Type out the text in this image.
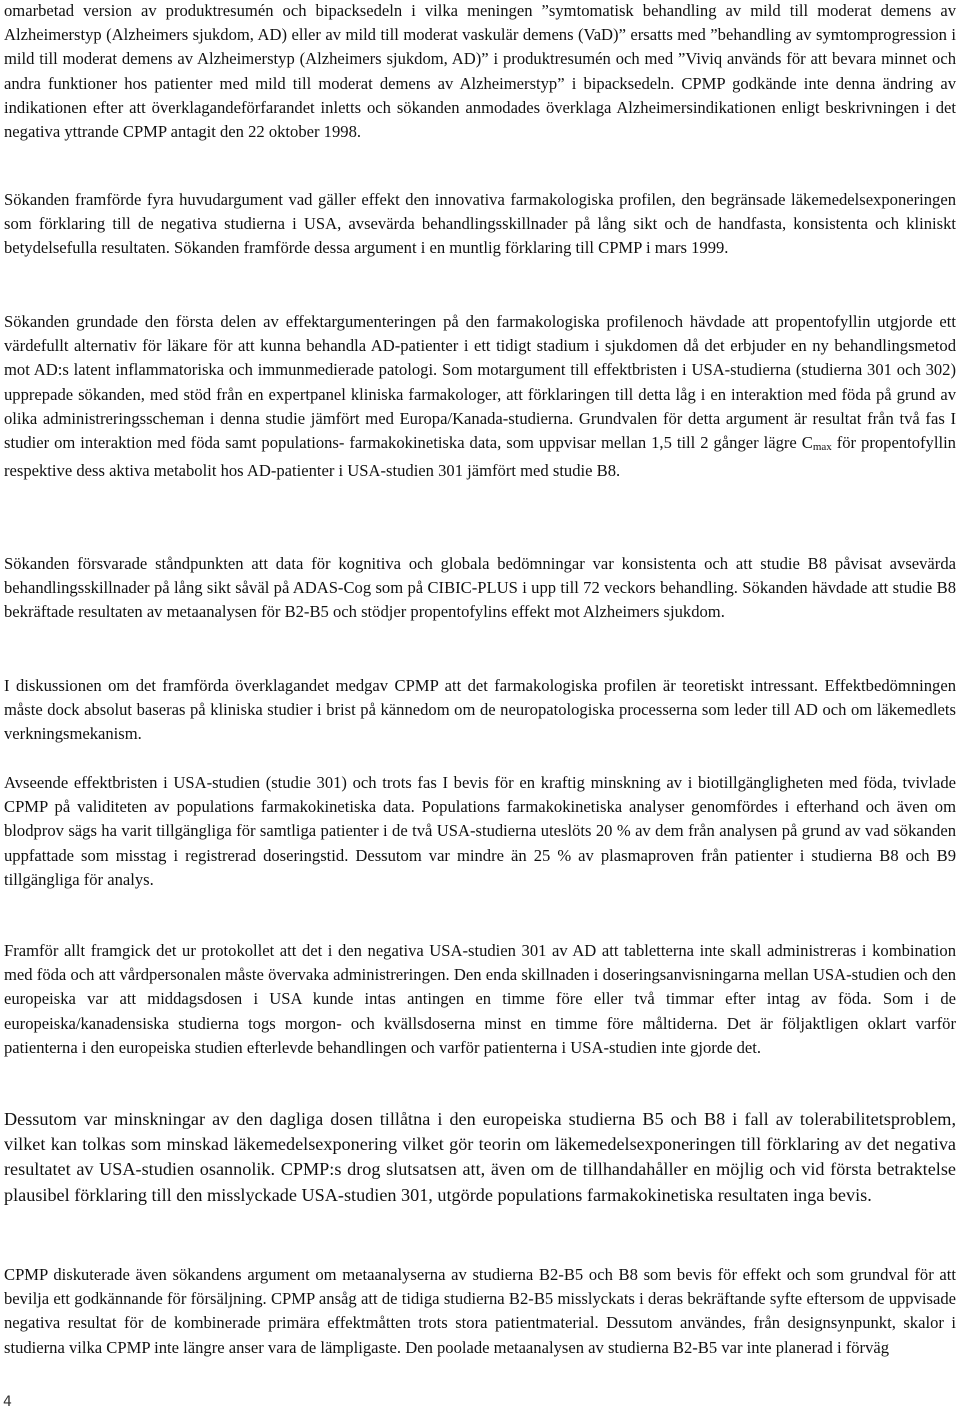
omarbetad version av produktresumén och bipacksedeln i vilka meningen ”symtomatisk behandling av mild till moderat demens av Alzheimerstyp (Alzheimers sjukdom, AD) eller av mild till moderat vaskulär demens (VaD)” ersatts med ”behandling av symtomprogression i mild till moderat demens av Alzheimerstyp (Alzheimers sjukdom, AD)” i produktresumén och med ”Viviq används för att bevara minnet och andra funktioner hos patienter med mild till moderat demens av Alzheimerstyp” i bipacksedeln. CPMP godkände inte denna ändring av indikationen efter att överklagandeförfarandet inletts och sökanden anmodades överklaga Alzheimersindikationen enligt beskrivningen i det negativa yttrande CPMP antagit den 22 oktober 1998.

Sökanden framförde fyra huvudargument vad gäller effekt den innovativa farmakologiska profilen, den begränsade läkemedelsexponeringen som förklaring till de negativa studierna i USA, avsevärda behandlingsskillnader på lång sikt och de handfasta, konsistenta och kliniskt betydelsefulla resultaten. Sökanden framförde dessa argument i en muntlig förklaring till CPMP i mars 1999.

Sökanden grundade den första delen av effektargumenteringen på den farmakologiska profilenoch hävdade att propentofyllin utgjorde ett värdefullt alternativ för läkare för att kunna behandla AD-patienter i ett tidigt stadium i sjukdomen då det erbjuder en ny behandlingsmetod mot AD:s latent inflammatoriska och immunmedierade patologi. Som motargument till effektbristen i USA-studierna (studierna 301 och 302) upprepade sökanden, med stöd från en expertpanel kliniska farmakologer, att förklaringen till detta låg i en interaktion med föda på grund av olika administreringsscheman i denna studie jämfört med Europa/Kanada-studierna. Grundvalen för detta argument är resultat från två fas I studier om interaktion med föda samt populations- farmakokinetiska data, som uppvisar mellan 1,5 till 2 gånger lägre Cmax för propentofyllin respektive dess aktiva metabolit hos AD-patienter i USA-studien 301 jämfört med studie B8.

Sökanden försvarade ståndpunkten att data för kognitiva och globala bedömningar var konsistenta och att studie B8 påvisat avsevärda behandlingsskillnader på lång sikt såväl på ADAS-Cog som på CIBIC-PLUS i upp till 72 veckors behandling. Sökanden hävdade att studie B8 bekräftade resultaten av metaanalysen för B2-B5 och stödjer propentofylins effekt mot Alzheimers sjukdom.

I diskussionen om det framförda överklagandet medgav CPMP att det farmakologiska profilen är teoretiskt intressant. Effektbedömningen måste dock absolut baseras på kliniska studier i brist på kännedom om de neuropatologiska processerna som leder till AD och om läkemedlets verkningsmekanism.

Avseende effektbristen i USA-studien (studie 301) och trots fas I bevis för en kraftig minskning av i biotillgängligheten med föda, tvivlade CPMP på validiteten av populations farmakokinetiska data. Populations farmakokinetiska analyser genomfördes i efterhand och även om blodprov sägs ha varit tillgängliga för samtliga patienter i de två USA-studierna uteslöts 20 % av dem från analysen på grund av vad sökanden uppfattade som misstag i registrerad doseringstid. Dessutom var mindre än 25 % av plasmaproven från patienter i studierna B8 och B9 tillgängliga för analys.

Framför allt framgick det ur protokollet att det i den negativa USA-studien 301 av AD att tabletterna inte skall administreras i kombination med föda och att vårdpersonalen måste övervaka administreringen. Den enda skillnaden i doseringsanvisningarna mellan USA-studien och den europeiska var att middagsdosen i USA kunde intas antingen en timme före eller två timmar efter intag av föda. Som i de europeiska/kanadensiska studierna togs morgon- och kvällsdoserna minst en timme före måltiderna. Det är följaktligen oklart varför patienterna i den europeiska studien efterlevde behandlingen och varför patienterna i USA-studien inte gjorde det.

Dessutom var minskningar av den dagliga dosen tillåtna i den europeiska studierna B5 och B8 i fall av tolerabilitetsproblem, vilket kan tolkas som minskad läkemedelsexponering vilket gör teorin om läkemedelsexponeringen till förklaring av det negativa resultatet av USA-studien osannolik. CPMP:s drog slutsatsen att, även om de tillhandahåller en möjlig och vid första betraktelse plausibel förklaring till den misslyckade USA-studien 301, utgörde populations farmakokinetiska resultaten inga bevis.

CPMP diskuterade även sökandens argument om metaanalyserna av studierna B2-B5 och B8 som bevis för effekt och som grundval för att bevilja ett godkännande för försäljning. CPMP ansåg att de tidiga studierna B2-B5 misslyckats i deras bekräftande syfte eftersom de uppvisade negativa resultat för de kombinerade primära effektmåtten trots stora patientmaterial. Dessutom användes, från designsynpunkt, skalor i studierna vilka CPMP inte längre anser vara de lämpligaste. Den poolade metaanalysen av studierna B2-B5 var inte planerad i förväg

4
